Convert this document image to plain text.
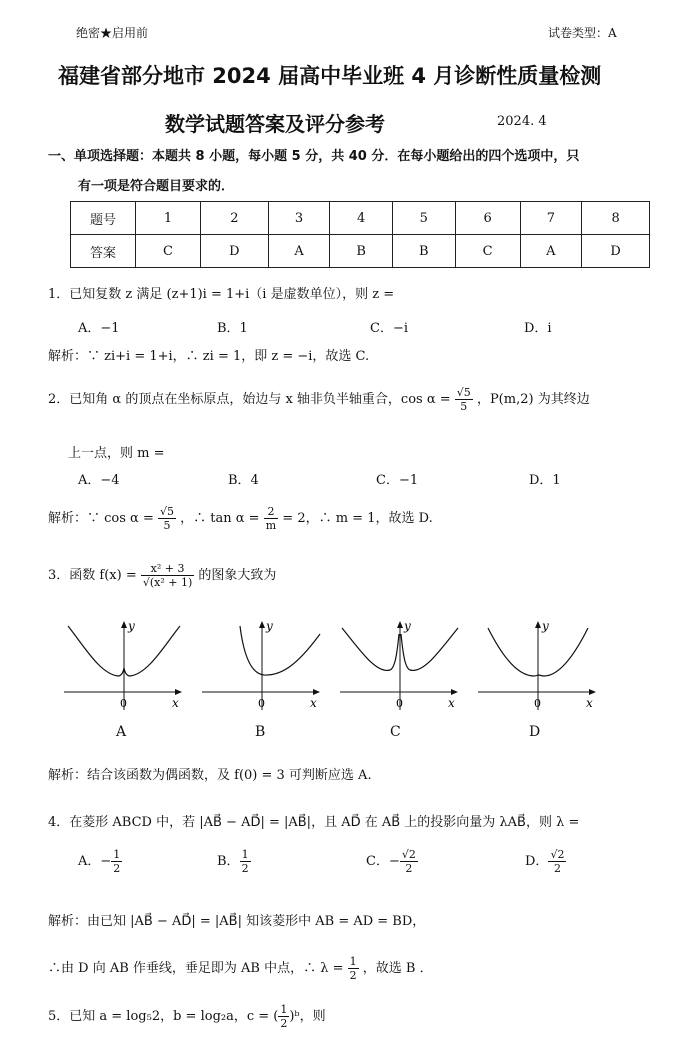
绝密★启用前	试卷类型：A
福建省部分地市 2024 届高中毕业班 4 月诊断性质量检测
数学试题答案及评分参考	2024. 4
一、单项选择题：本题共 8 小题，每小题 5 分，共 40 分．在每小题给出的四个选项中，只
有一项是符合题目要求的．
题号	1	2	3	4	5	6	7	8
答案	C	D	A	B	B	C	A	D
1．已知复数 z 满足 (z+1)i = 1+i（i 是虚数单位），则 z =
A．−1	B．1	C．−i	D．i
解析：∵ zi+i = 1+i，∴ zi = 1，即 z = −i，故选 C.
2．已知角 α 的顶点在坐标原点，始边与 x 轴非负半轴重合，$\cos \alpha = \frac{√5}{5}$ ，P(m,2) 为其终边
上一点，则 m =
A．−4	B．4	C．−1	D．1
解析：∵ $\cos \alpha = \frac{√5}{5}$ ，∴ $\tan \alpha = \frac{2}{m} = 2$，∴ m = 1，故选 D.
3．函数 $f(x) = \frac{\text{x² + 3}}{\text{√(x² + 1)}}$ 的图象大致为
y
x
0
y
x
0
y
x
0
y
x
0
A	B	C	D
解析：结合该函数为偶函数，及 f(0) = 3 可判断应选 A.
4．在菱形 ABCD 中，若 |AB⃗ − AD⃗| = |AB⃗|，且 AD⃗ 在 AB⃗ 上的投影向量为 λAB⃗，则 λ =
A．− $\frac{1}{2}$	B． $\frac{1}{2}$	C．− $\frac{√2}{2}$	D． $\frac{√2}{2}$
解析：由已知 |AB⃗ − AD⃗| = |AB⃗| 知该菱形中 AB = AD = BD，
∴由 D 向 AB 作垂线，垂足即为 AB 中点，∴ $\lambda = \frac{1}{2}$ ，故选 B ．
5．已知 a = log₅2，b = log₂a，c = ( $\frac{1}{2}$ )ᵇ，则
